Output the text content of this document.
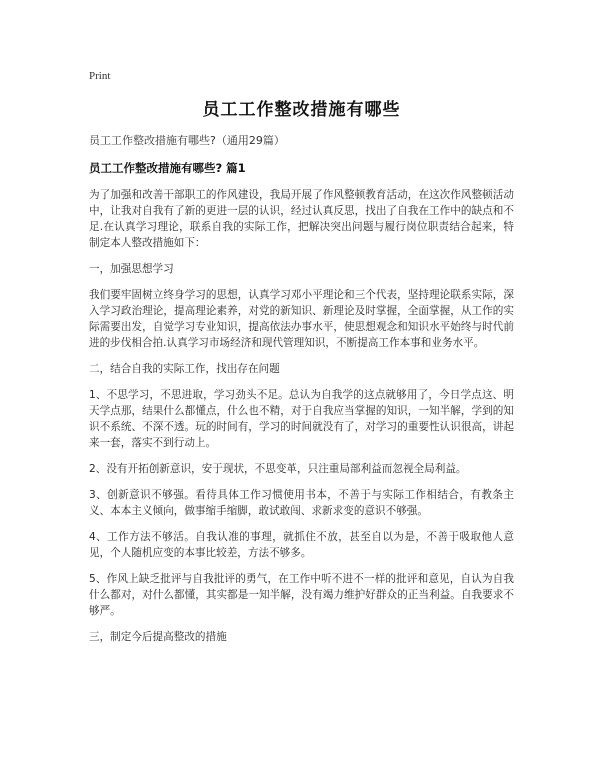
Print
员工工作整改措施有哪些
员工工作整改措施有哪些?（通用29篇）
员工工作整改措施有哪些? 篇1
为了加强和改善干部职工的作风建设，我局开展了作风整顿教育活动，在这次作风整顿活动中，让我对自我有了新的更进一层的认识，经过认真反思，找出了自我在工作中的缺点和不足.在认真学习理论，联系自我的实际工作，把解决突出问题与履行岗位职责结合起来，特制定本人整改措施如下：
一，加强思想学习
我们要牢固树立终身学习的思想，认真学习邓小平理论和三个代表，坚持理论联系实际，深入学习政治理论，提高理论素养，对党的新知识、新理论及时掌握，全面掌握，从工作的实际需要出发，自觉学习专业知识，提高依法办事水平，使思想观念和知识水平始终与时代前进的步伐相合拍.认真学习市场经济和现代管理知识，不断提高工作本事和业务水平。
二，结合自我的实际工作，找出存在问题
1、不思学习，不思进取，学习劲头不足。总认为自我学的这点就够用了，今日学点这、明天学点那，结果什么都懂点，什么也不精，对于自我应当掌握的知识，一知半解，学到的知识不系统、不深不透。玩的时间有，学习的时间就没有了，对学习的重要性认识很高，讲起来一套，落实不到行动上。
2、没有开拓创新意识，安于现状，不思变革，只注重局部利益而忽视全局利益。
3、创新意识不够强。看待具体工作习惯使用书本，不善于与实际工作相结合，有教条主义、本本主义倾向，做事缩手缩脚，敢试敢闯、求新求变的意识不够强。
4、工作方法不够活。自我认准的事理，就抓住不放，甚至自以为是，不善于吸取他人意见，个人随机应变的本事比较差，方法不够多。
5、作风上缺乏批评与自我批评的勇气，在工作中听不进不一样的批评和意见，自认为自我什么都对，对什么都懂，其实都是一知半解，没有竭力维护好群众的正当利益。自我要求不够严。
三，制定今后提高整改的措施
